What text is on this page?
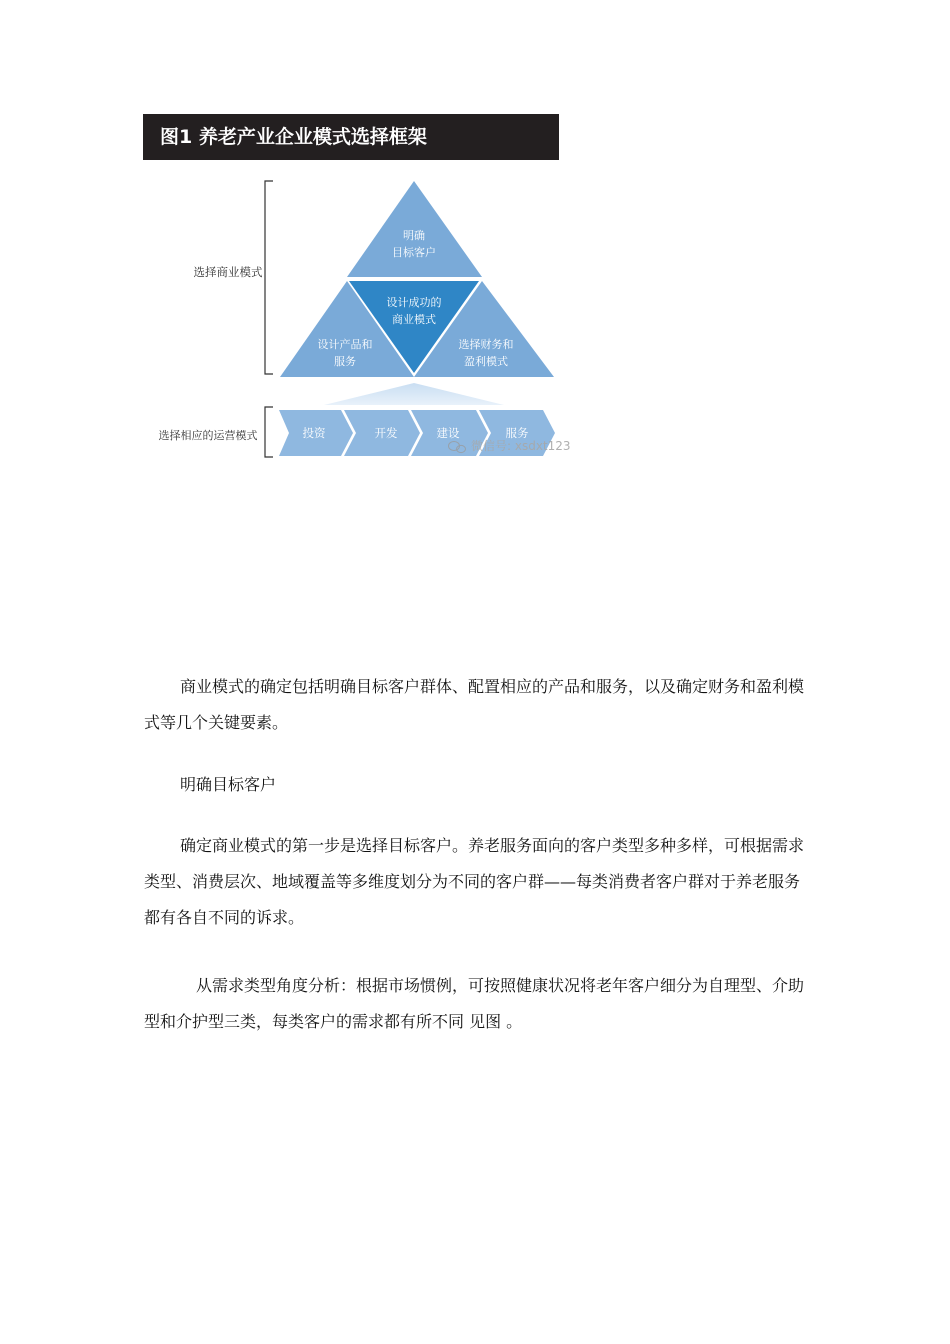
图1 养老产业企业模式选择框架
选择商业模式
明确
目标客户
设计成功的
商业模式
设计产品和
服务
选择财务和
盈利模式
选择相应的运营模式	投资	开发	建设	服务
微信号: xsdxt123

商业模式的确定包括明确目标客户群体、配置相应的产品和服务，以及确定财务和盈利模式等几个关键要素。

明确目标客户

确定商业模式的第一步是选择目标客户。养老服务面向的客户类型多种多样，可根据需求类型、消费层次、地域覆盖等多维度划分为不同的客户群——每类消费者客户群对于养老服务都有各自不同的诉求。

从需求类型角度分析：根据市场惯例，可按照健康状况将老年客户细分为自理型、介助型和介护型三类，每类客户的需求都有所不同 见图 。
